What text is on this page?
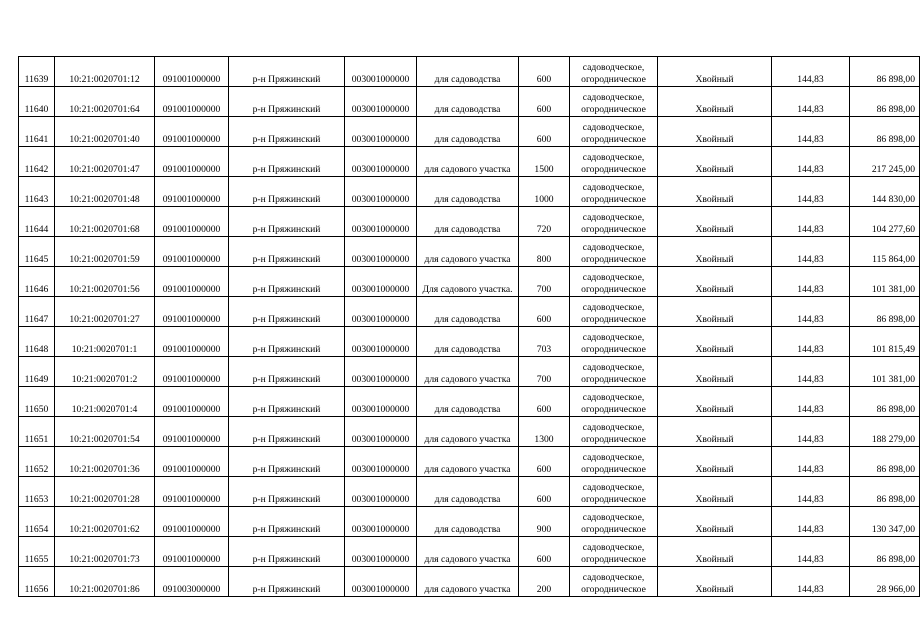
11639	10:21:0020701:12	091001000000	р-н Пряжинский	003001000000	для садоводства	600	садоводческое,
огородническое	Хвойный	144,83	86 898,00
11640	10:21:0020701:64	091001000000	р-н Пряжинский	003001000000	для садоводства	600	садоводческое,
огородническое	Хвойный	144,83	86 898,00
11641	10:21:0020701:40	091001000000	р-н Пряжинский	003001000000	для садоводства	600	садоводческое,
огородническое	Хвойный	144,83	86 898,00
11642	10:21:0020701:47	091001000000	р-н Пряжинский	003001000000	для садового участка	1500	садоводческое,
огородническое	Хвойный	144,83	217 245,00
11643	10:21:0020701:48	091001000000	р-н Пряжинский	003001000000	для садоводства	1000	садоводческое,
огородническое	Хвойный	144,83	144 830,00
11644	10:21:0020701:68	091001000000	р-н Пряжинский	003001000000	для садоводства	720	садоводческое,
огородническое	Хвойный	144,83	104 277,60
11645	10:21:0020701:59	091001000000	р-н Пряжинский	003001000000	для садового участка	800	садоводческое,
огородническое	Хвойный	144,83	115 864,00
11646	10:21:0020701:56	091001000000	р-н Пряжинский	003001000000	Для садового участка.	700	садоводческое,
огородническое	Хвойный	144,83	101 381,00
11647	10:21:0020701:27	091001000000	р-н Пряжинский	003001000000	для садоводства	600	садоводческое,
огородническое	Хвойный	144,83	86 898,00
11648	10:21:0020701:1	091001000000	р-н Пряжинский	003001000000	для садоводства	703	садоводческое,
огородническое	Хвойный	144,83	101 815,49
11649	10:21:0020701:2	091001000000	р-н Пряжинский	003001000000	для садового участка	700	садоводческое,
огородническое	Хвойный	144,83	101 381,00
11650	10:21:0020701:4	091001000000	р-н Пряжинский	003001000000	для садоводства	600	садоводческое,
огородническое	Хвойный	144,83	86 898,00
11651	10:21:0020701:54	091001000000	р-н Пряжинский	003001000000	для садового участка	1300	садоводческое,
огородническое	Хвойный	144,83	188 279,00
11652	10:21:0020701:36	091001000000	р-н Пряжинский	003001000000	для садового участка	600	садоводческое,
огородническое	Хвойный	144,83	86 898,00
11653	10:21:0020701:28	091001000000	р-н Пряжинский	003001000000	для садоводства	600	садоводческое,
огородническое	Хвойный	144,83	86 898,00
11654	10:21:0020701:62	091001000000	р-н Пряжинский	003001000000	для садоводства	900	садоводческое,
огородническое	Хвойный	144,83	130 347,00
11655	10:21:0020701:73	091001000000	р-н Пряжинский	003001000000	для садового участка	600	садоводческое,
огородническое	Хвойный	144,83	86 898,00
11656	10:21:0020701:86	091003000000	р-н Пряжинский	003001000000	для садового участка	200	садоводческое,
огородническое	Хвойный	144,83	28 966,00
